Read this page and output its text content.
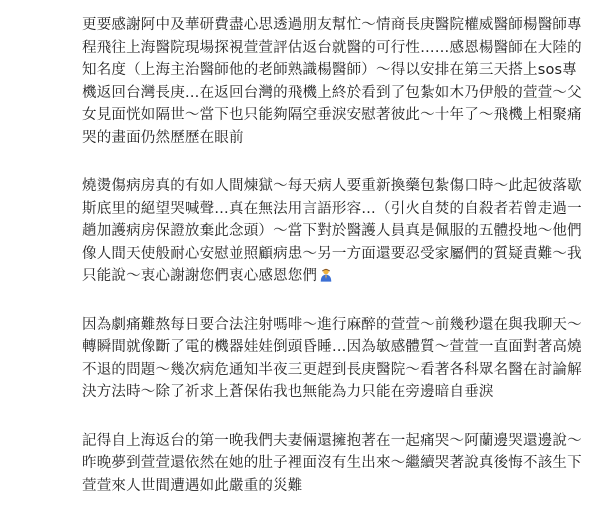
更要感謝阿中及華研費盡心思透過朋友幫忙～情商長庚醫院權威醫師楊醫師專程飛往上海醫院現場探視萱萱評估返台就醫的可行性……感恩楊醫師在大陸的知名度（上海主治醫師他的老師熟識楊醫師）～得以安排在第三天搭上sos專機返回台灣長庚…在返回台灣的飛機上終於看到了包紮如木乃伊般的萱萱～父女見面恍如隔世～當下也只能夠隔空垂淚安慰著彼此～十年了～飛機上相聚痛哭的畫面仍然歷歷在眼前

燒燙傷病房真的有如人間煉獄～每天病人要重新換藥包紮傷口時～此起彼落歇斯底里的絕望哭喊聲…真在無法用言語形容…（引火自焚的自殺者若曾走過一趟加護病房保證放棄此念頭）～當下對於醫護人員真是佩服的五體投地～他們像人間天使般耐心安慰並照顧病患～另一方面還要忍受家屬們的質疑責難～我只能說～衷心謝謝您們衷心感恩您們

因為劇痛難熬每日要合法注射嗎啡～進行麻醉的萱萱～前幾秒還在與我聊天～轉瞬間就像斷了電的機器娃娃倒頭昏睡…因為敏感體質～萱萱一直面對著高燒不退的問題～幾次病危通知半夜三更趕到長庚醫院～看著各科眾名醫在討論解決方法時～除了祈求上蒼保佑我也無能為力只能在旁邊暗自垂淚

記得自上海返台的第一晚我們夫妻倆還擁抱著在一起痛哭～阿蘭邊哭還邊說～昨晚夢到萱萱還依然在她的肚子裡面沒有生出來～繼續哭著說真後悔不該生下萱萱來人世間遭遇如此嚴重的災難
